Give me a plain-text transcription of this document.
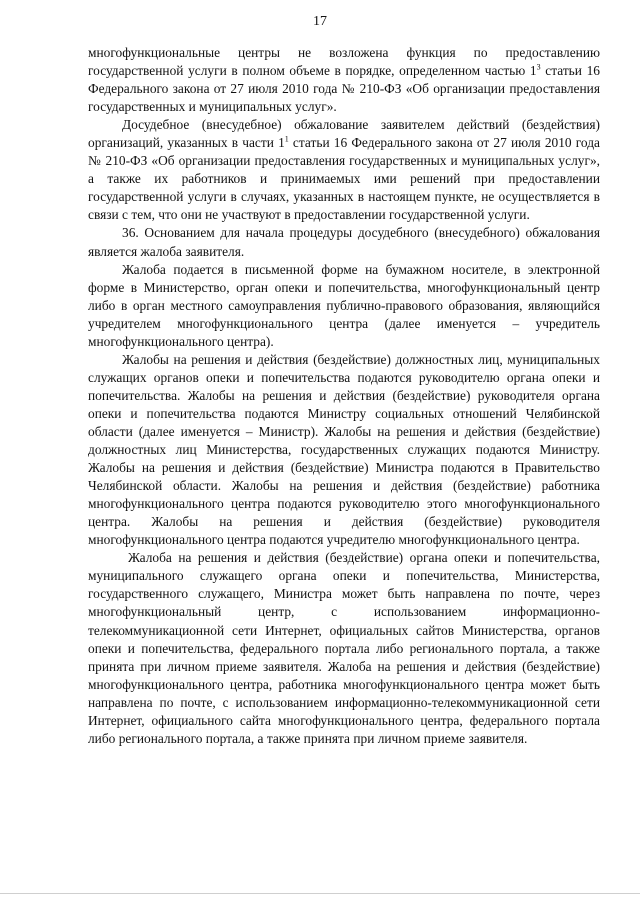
17

многофункциональные центры не возложена функция по предоставлению государственной услуги в полном объеме в порядке, определенном частью $1^3$ статьи 16 Федерального закона от 27 июля 2010 года № 210-ФЗ «Об организации предоставления государственных и муниципальных услуг».

Досудебное (внесудебное) обжалование заявителем действий (бездействия) организаций, указанных в части $1^1$ статьи 16 Федерального закона от 27 июля 2010 года № 210-ФЗ «Об организации предоставления государственных и муниципальных услуг», а также их работников и принимаемых ими решений при предоставлении государственной услуги в случаях, указанных в настоящем пункте, не осуществляется в связи с тем, что они не участвуют в предоставлении государственной услуги.

36. Основанием для начала процедуры досудебного (внесудебного) обжалования является жалоба заявителя.

Жалоба подается в письменной форме на бумажном носителе, в электронной форме в Министерство, орган опеки и попечительства, многофункциональный центр либо в орган местного самоуправления публично-правового образования, являющийся учредителем многофункционального центра (далее именуется – учредитель многофункционального центра).

Жалобы на решения и действия (бездействие) должностных лиц, муниципальных служащих органов опеки и попечительства подаются руководителю органа опеки и попечительства. Жалобы на решения и действия (бездействие) руководителя органа опеки и попечительства подаются Министру социальных отношений Челябинской области (далее именуется – Министр). Жалобы на решения и действия (бездействие) должностных лиц Министерства, государственных служащих подаются Министру. Жалобы на решения и действия (бездействие) Министра подаются в Правительство Челябинской области. Жалобы на решения и действия (бездействие) работника многофункционального центра подаются руководителю этого многофункционального центра. Жалобы на решения и действия (бездействие) руководителя многофункционального центра подаются учредителю многофункционального центра.

Жалоба на решения и действия (бездействие) органа опеки и попечительства, муниципального служащего органа опеки и попечительства, Министерства, государственного служащего, Министра может быть направлена по почте, через многофункциональный центр, с использованием информационно-телекоммуникационной сети Интернет, официальных сайтов Министерства, органов опеки и попечительства, федерального портала либо регионального портала, а также принята при личном приеме заявителя. Жалоба на решения и действия (бездействие) многофункционального центра, работника многофункционального центра может быть направлена по почте, с использованием информационно-телекоммуникационной сети Интернет, официального сайта многофункционального центра, федерального портала либо регионального портала, а также принята при личном приеме заявителя.
